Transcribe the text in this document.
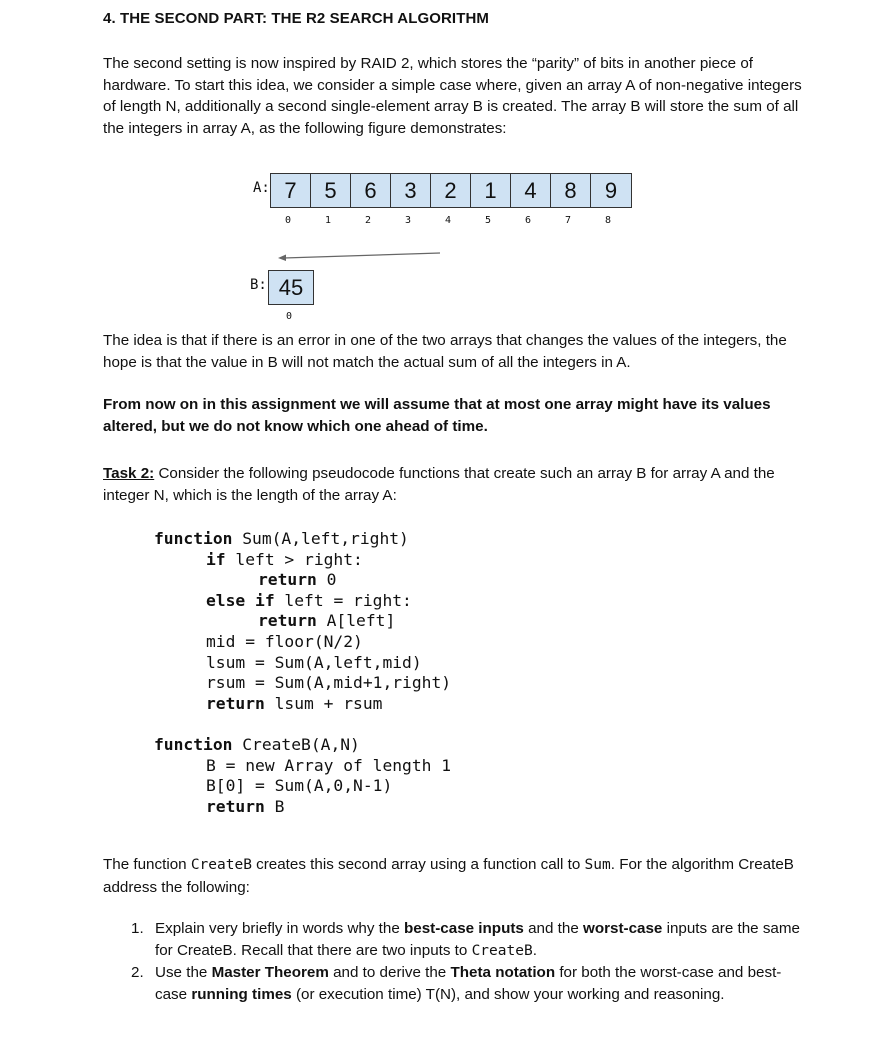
4. THE SECOND PART: THE R2 SEARCH ALGORITHM
The second setting is now inspired by RAID 2, which stores the “parity” of bits in another piece of hardware. To start this idea, we consider a simple case where, given an array A of non-negative integers of length N, additionally a second single-element array B is created. The array B will store the sum of all the integers in array A, as the following figure demonstrates:
A: 7	5	6	3	2	1	4	8	9
0	1	2	3	4	5	6	7	8
B: 45
0
The idea is that if there is an error in one of the two arrays that changes the values of the integers, the hope is that the value in B will not match the actual sum of all the integers in A.
From now on in this assignment we will assume that at most one array might have its values altered, but we do not know which one ahead of time.
Task 2: Consider the following pseudocode functions that create such an array B for array A and the integer N, which is the length of the array A:
function Sum(A,left,right)
if left > right:
return 0
else if left = right:
return A[left]
mid = floor(N/2)
lsum = Sum(A,left,mid)
rsum = Sum(A,mid+1,right)
return lsum + rsum
function CreateB(A,N)
B = new Array of length 1
B[0] = Sum(A,0,N-1)
return B
The function CreateB creates this second array using a function call to Sum. For the algorithm CreateB address the following:
1. Explain very briefly in words why the best-case inputs and the worst-case inputs are the same for CreateB. Recall that there are two inputs to CreateB.
2. Use the Master Theorem and to derive the Theta notation for both the worst-case and best-case running times (or execution time) T(N), and show your working and reasoning.
